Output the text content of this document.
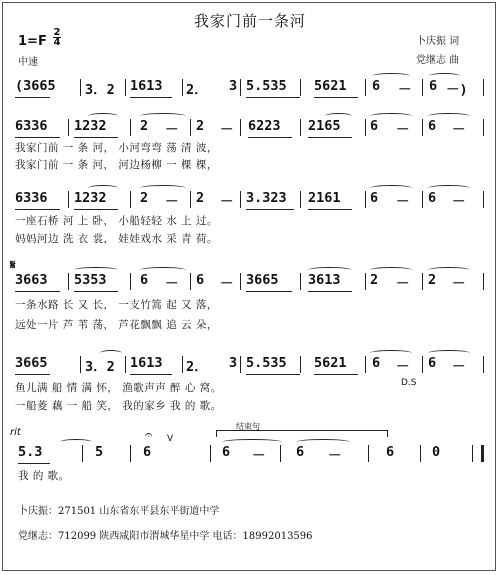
我家门前一条河
1=F
2
4
中速
卜庆振 词
党继志 曲
(3665 3．2 1613 2． 3 5.535 5621 6 － 6 －)
6336 1232 2 － 2 － 6223 2165 6 － 6 －
我家门前 一 条 河， 小河弯弯 荡 清 波，
我家门前 一 条 河， 河边杨柳 一 棵 棵，
6336 1232 2 － 2 － 3.323 2161 6 － 6 －
一座石桥 河 上 卧， 小船轻轻 水 上 过。
妈妈河边 洗 衣 裳， 娃娃戏水 采 青 荷。
𝄋
3663 5353 6 － 6 － 3665 3613 2 － 2 －
一条水路 长 又 长， 一支竹篙 起 又 落，
远处一片 芦 苇 荡， 芦花飘飘 追 云 朵，
3665	3．2 1613 2． 3 5.535 5621 6 － 6 －
鱼儿满 船 情 满 怀， 渔歌声声 醉 心 窝。
一船菱 藕 一 船 笑， 我的家乡 我 的 歌。
D.S
结束句
rit	𝄐 V
5.3	5	6	6 － 6 －	6	0
我 的 歌。
卜庆振：271501 山东省东平县东平街道中学
党继志：712099 陕西咸阳市渭城华星中学 电话：18992013596
